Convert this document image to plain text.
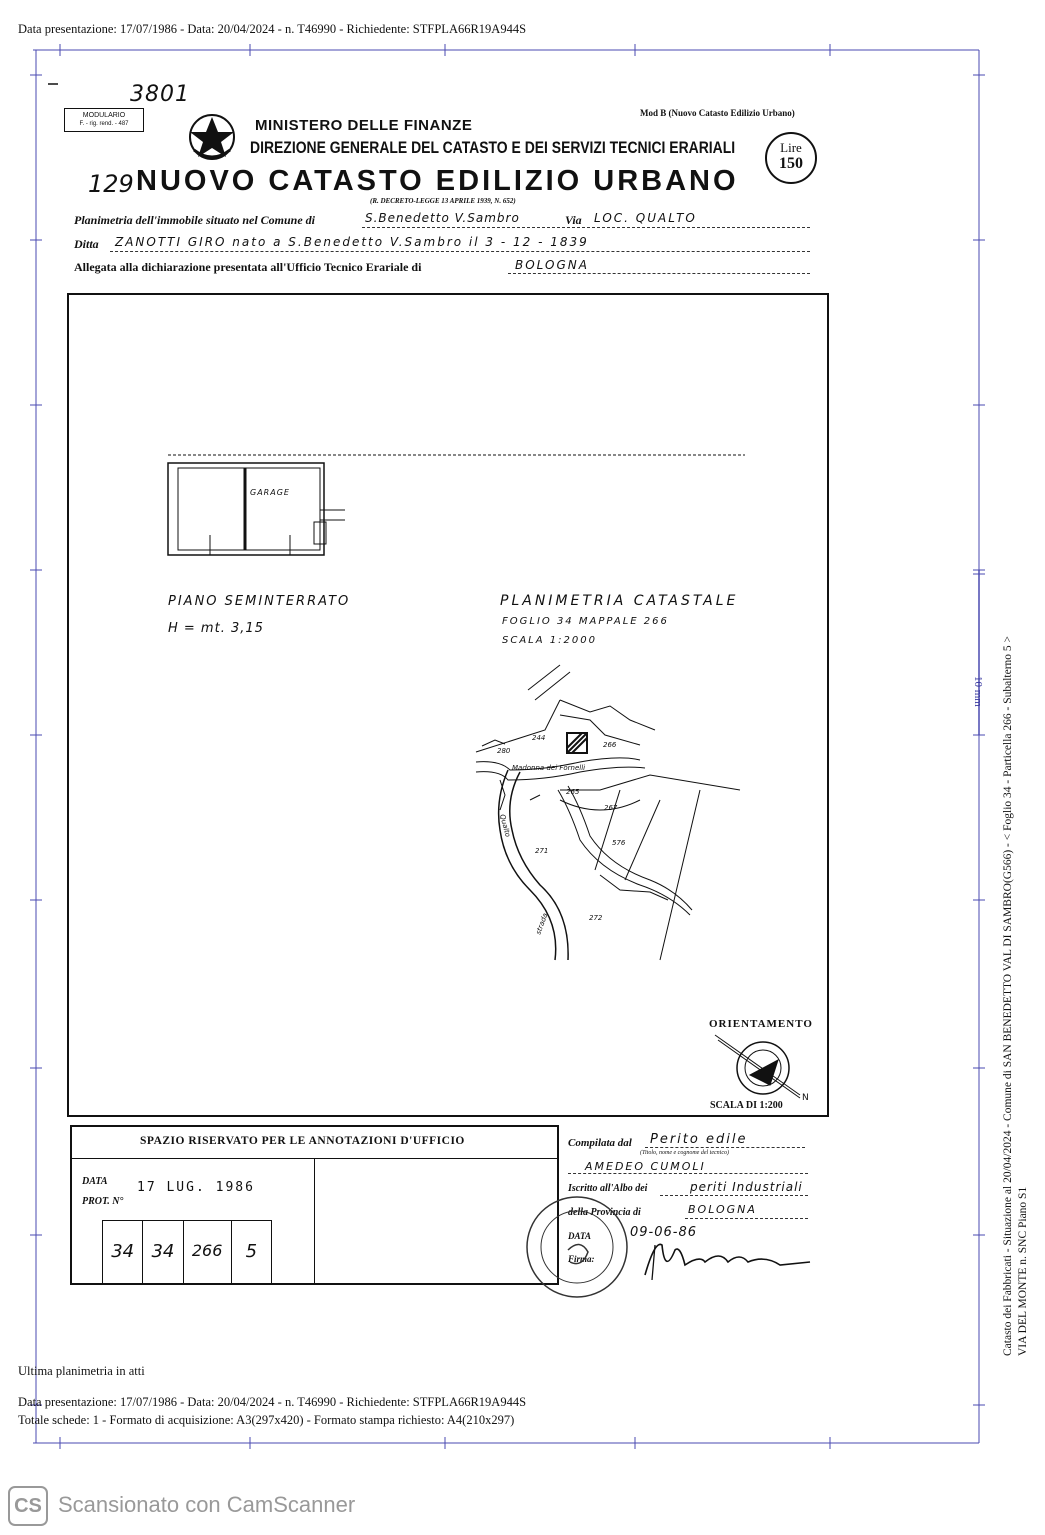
Data presentazione: 17/07/1986 - Data: 20/04/2024 - n. T46990 - Richiedente: STFPLA66R19A944S
3801
MODULARIO
F. - rig. rend. - 487
Mod B (Nuovo Catasto Edilizio Urbano)
MINISTERO DELLE FINANZE
DIREZIONE GENERALE DEL CATASTO E DEI SERVIZI TECNICI ERARIALI	Lire
150
129 NUOVO CATASTO EDILIZIO URBANO
(R. DECRETO-LEGGE 13 APRILE 1939, N. 652)
Planimetria dell'immobile situato nel Comune di	S.Benedetto V.Sambro	Via LOC. QUALTO
Ditta ZANOTTI GIRO nato a S.Benedetto V.Sambro il 3 - 12 - 1839
Allegata alla dichiarazione presentata all'Ufficio Tecnico Erariale di	BOLOGNA
GARAGE
PIANO SEMINTERRATO
H = mt. 3,15
PLANIMETRIA CATASTALE
FOGLIO 34 MAPPALE 266
SCALA 1:2000
266
280
265
267
576
271
272
244
Madonna dei Fornelli
Qualto
strada
ORIENTAMENTO
N
SCALA DI 1:200
SPAZIO RISERVATO PER LE ANNOTAZIONI D'UFFICIO
DATA 17 LUG. 1986
PROT. N°
34 34	266	5
Compilata dal Perito edile
(Titolo, nome e cognome del tecnico)
AMEDEO CUMOLI
Iscritto all'Albo dei	periti Industriali
della Provincia di	BOLOGNA
DATA	09-06-86
Firma:	Catasto dei Fabbricati - Situazione al 20/04/2024 - Comune di SAN BENEDETTO VAL DI SAMBRO(G566) - < Foglio 34 - Particella 266 - Subalterno 5 > VIA DEL MONTE n. SNC Piano S1
10 mm
Ultima planimetria in atti
Data presentazione: 17/07/1986 - Data: 20/04/2024 - n. T46990 - Richiedente: STFPLA66R19A944S
Totale schede: 1 - Formato di acquisizione: A3(297x420) - Formato stampa richiesto: A4(210x297)
CS Scansionato con CamScanner
